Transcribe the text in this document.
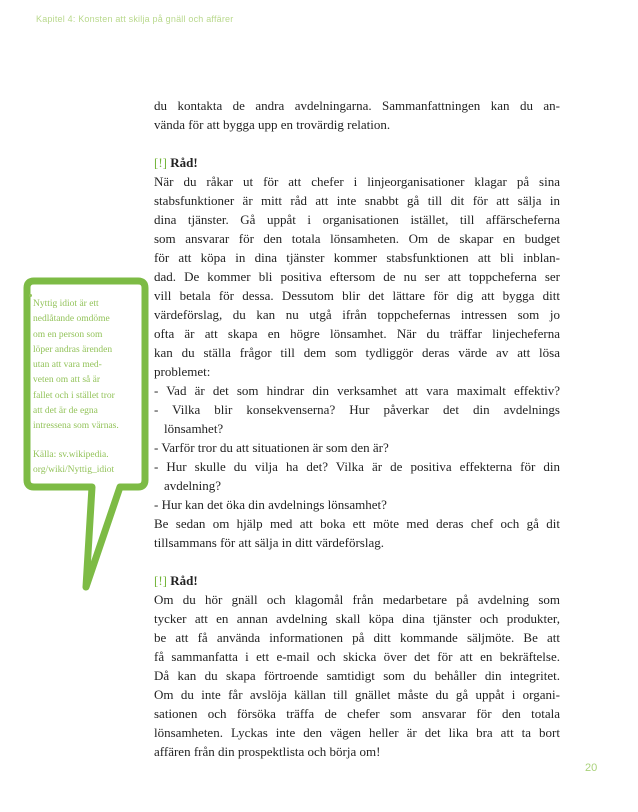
Kapitel 4: Konsten att skilja på gnäll och affärer
Nyttig idiot är ett
nedlåtande omdöme
om en person som
löper andras ärenden
utan att vara med-
veten om att så är
fallet och i stället tror
att det är de egna
intressena som värnas.
Källa: sv.wikipedia.
org/wiki/Nyttig_idiot
du kontakta de andra avdelningarna. Sammanfattningen kan du an-
vända för att bygga upp en trovärdig relation.
[!] Råd!
När du råkar ut för att chefer i linjeorganisationer klagar på sina
stabsfunktioner är mitt råd att inte snabbt gå till dit för att sälja in
dina tjänster. Gå uppåt i organisationen istället, till affärscheferna
som ansvarar för den totala lönsamheten. Om de skapar en budget
för att köpa in dina tjänster kommer stabsfunktionen att bli inblan-
dad. De kommer bli positiva eftersom de nu ser att toppcheferna ser
vill betala för dessa. Dessutom blir det lättare för dig att bygga ditt
värdeförslag, du kan nu utgå ifrån toppchefernas intressen som jo
ofta är att skapa en högre lönsamhet. När du träffar linjecheferna
kan du ställa frågor till dem som tydliggör deras värde av att lösa
problemet:
- Vad är det som hindrar din verksamhet att vara maximalt effektiv?
- Vilka blir konsekvenserna? Hur påverkar det din avdelnings
lönsamhet?
- Varför tror du att situationen är som den är?
- Hur skulle du vilja ha det? Vilka är de positiva effekterna för din
avdelning?
- Hur kan det öka din avdelnings lönsamhet?
Be sedan om hjälp med att boka ett möte med deras chef och gå dit
tillsammans för att sälja in ditt värdeförslag.
[!] Råd!
Om du hör gnäll och klagomål från medarbetare på avdelning som
tycker att en annan avdelning skall köpa dina tjänster och produkter,
be att få använda informationen på ditt kommande säljmöte. Be att
få sammanfatta i ett e-mail och skicka över det för att en bekräftelse.
Då kan du skapa förtroende samtidigt som du behåller din integritet.
Om du inte får avslöja källan till gnället måste du gå uppåt i organi-
sationen och försöka träffa de chefer som ansvarar för den totala
lönsamheten. Lyckas inte den vägen heller är det lika bra att ta bort
affären från din prospektlista och börja om!
20
